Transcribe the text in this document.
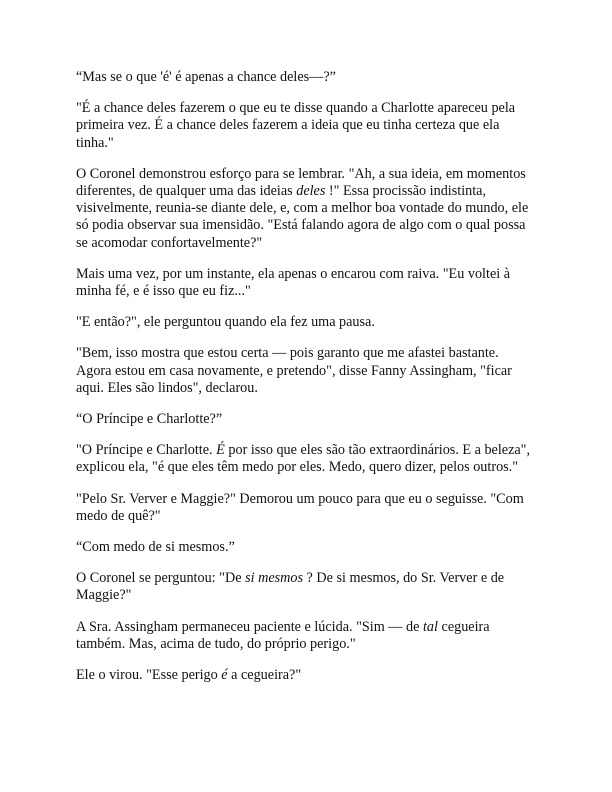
“Mas se o que 'é' é apenas a chance deles—?”

"É a chance deles fazerem o que eu te disse quando a Charlotte apareceu pela primeira vez. É a chance deles fazerem a ideia que eu tinha certeza que ela tinha."

O Coronel demonstrou esforço para se lembrar. "Ah, a sua ideia, em momentos diferentes, de qualquer uma das ideias deles !" Essa procissão indistinta, visivelmente, reunia-se diante dele, e, com a melhor boa vontade do mundo, ele só podia observar sua imensidão. "Está falando agora de algo com o qual possa se acomodar confortavelmente?"

Mais uma vez, por um instante, ela apenas o encarou com raiva. "Eu voltei à minha fé, e é isso que eu fiz..."

"E então?", ele perguntou quando ela fez uma pausa.

"Bem, isso mostra que estou certa — pois garanto que me afastei bastante. Agora estou em casa novamente, e pretendo", disse Fanny Assingham, "ficar aqui. Eles são lindos", declarou.

“O Príncipe e Charlotte?”

"O Príncipe e Charlotte. É por isso que eles são tão extraordinários. E a beleza", explicou ela, "é que eles têm medo por eles. Medo, quero dizer, pelos outros."

"Pelo Sr. Verver e Maggie?" Demorou um pouco para que eu o seguisse. "Com medo de quê?"

“Com medo de si mesmos.”

O Coronel se perguntou: "De si mesmos ? De si mesmos, do Sr. Verver e de Maggie?"

A Sra. Assingham permaneceu paciente e lúcida. "Sim — de tal cegueira também. Mas, acima de tudo, do próprio perigo."

Ele o virou. "Esse perigo é a cegueira?"
